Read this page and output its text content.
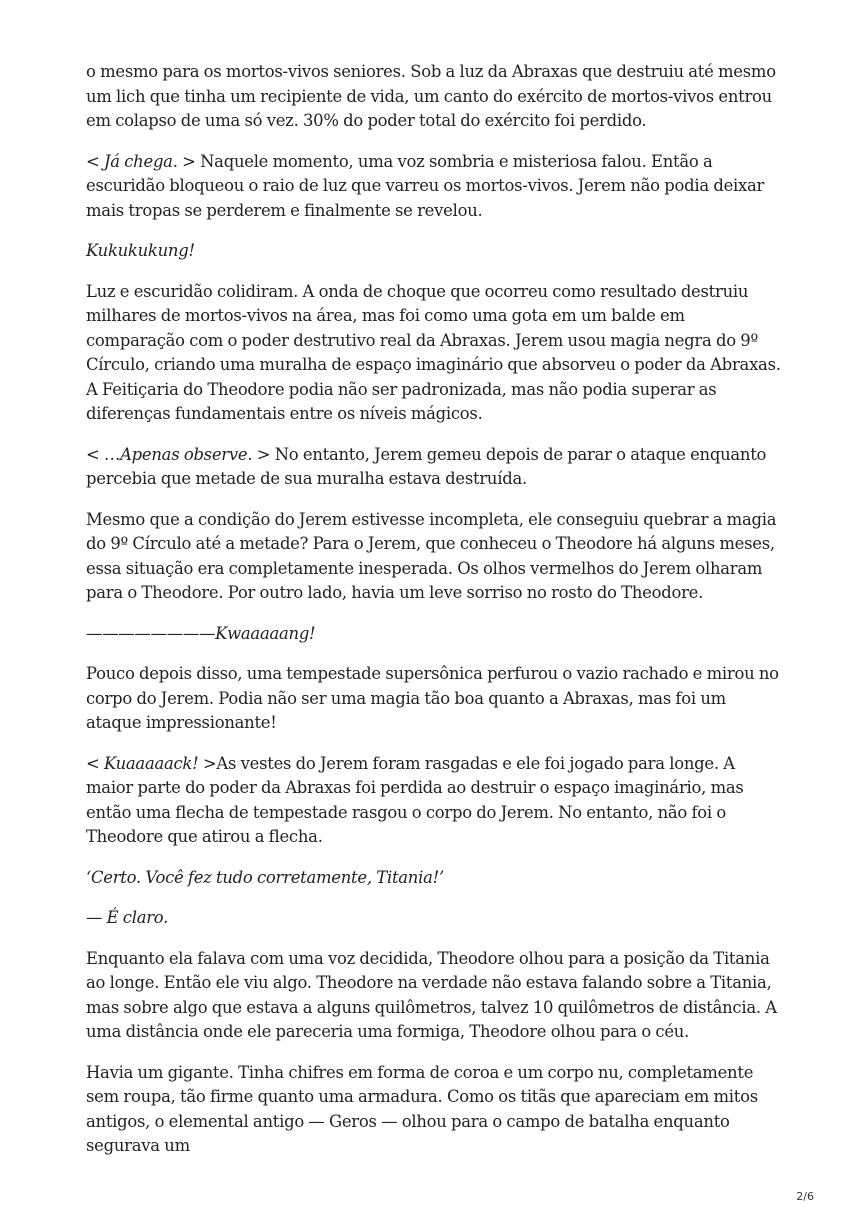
o mesmo para os mortos-vivos seniores. Sob a luz da Abraxas que destruiu até mesmo um lich que tinha um recipiente de vida, um canto do exército de mortos-vivos entrou em colapso de uma só vez. 30% do poder total do exército foi perdido.

< Já chega. > Naquele momento, uma voz sombria e misteriosa falou. Então a escuridão bloqueou o raio de luz que varreu os mortos-vivos. Jerem não podia deixar mais tropas se perderem e finalmente se revelou.

Kukukukung!

Luz e escuridão colidiram. A onda de choque que ocorreu como resultado destruiu milhares de mortos-vivos na área, mas foi como uma gota em um balde em comparação com o poder destrutivo real da Abraxas. Jerem usou magia negra do 9º Círculo, criando uma muralha de espaço imaginário que absorveu o poder da Abraxas. A Feitiçaria do Theodore podia não ser padronizada, mas não podia superar as diferenças fundamentais entre os níveis mágicos.

< …Apenas observe. > No entanto, Jerem gemeu depois de parar o ataque enquanto percebia que metade de sua muralha estava destruída.

Mesmo que a condição do Jerem estivesse incompleta, ele conseguiu quebrar a magia do 9º Círculo até a metade? Para o Jerem, que conheceu o Theodore há alguns meses, essa situação era completamente inesperada. Os olhos vermelhos do Jerem olharam para o Theodore. Por outro lado, havia um leve sorriso no rosto do Theodore.

————————Kwaaaaang!

Pouco depois disso, uma tempestade supersônica perfurou o vazio rachado e mirou no corpo do Jerem. Podia não ser uma magia tão boa quanto a Abraxas, mas foi um ataque impressionante!

< Kuaaaaack! >As vestes do Jerem foram rasgadas e ele foi jogado para longe. A maior parte do poder da Abraxas foi perdida ao destruir o espaço imaginário, mas então uma flecha de tempestade rasgou o corpo do Jerem. No entanto, não foi o Theodore que atirou a flecha.

‘Certo. Você fez tudo corretamente, Titania!’

— É claro.

Enquanto ela falava com uma voz decidida, Theodore olhou para a posição da Titania ao longe. Então ele viu algo. Theodore na verdade não estava falando sobre a Titania, mas sobre algo que estava a alguns quilômetros, talvez 10 quilômetros de distância. A uma distância onde ele pareceria uma formiga, Theodore olhou para o céu.

Havia um gigante. Tinha chifres em forma de coroa e um corpo nu, completamente sem roupa, tão firme quanto uma armadura. Como os titãs que apareciam em mitos antigos, o elemental antigo — Geros — olhou para o campo de batalha enquanto segurava um

2/6
